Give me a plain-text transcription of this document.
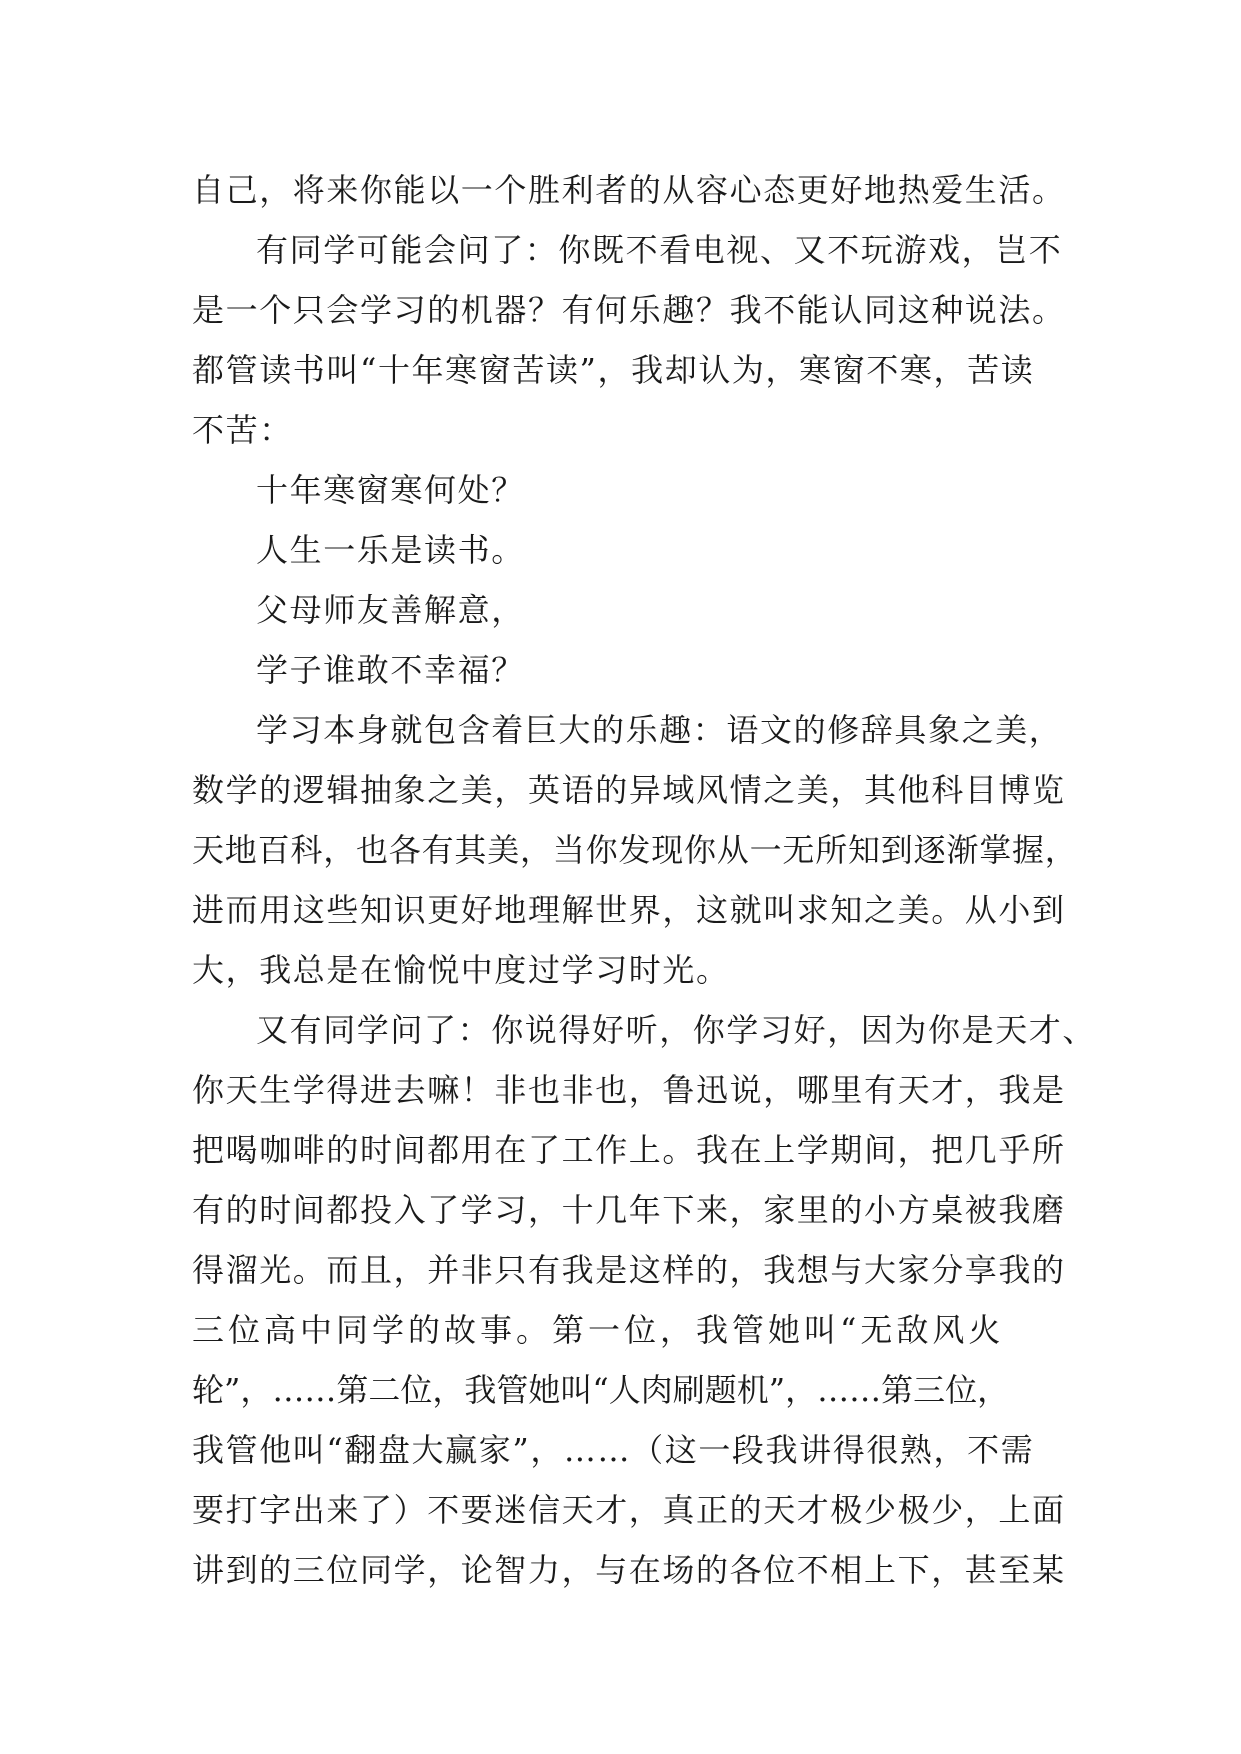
自己，将来你能以一个胜利者的从容心态更好地热爱生活。
有同学可能会问了：你既不看电视、又不玩游戏，岂不
是一个只会学习的机器？有何乐趣？我不能认同这种说法。
都管读书叫“十年寒窗苦读”，我却认为，寒窗不寒，苦读
不苦：
十年寒窗寒何处？
人生一乐是读书。
父母师友善解意，
学子谁敢不幸福？
学习本身就包含着巨大的乐趣：语文的修辞具象之美，
数学的逻辑抽象之美，英语的异域风情之美，其他科目博览
天地百科，也各有其美，当你发现你从一无所知到逐渐掌握，
进而用这些知识更好地理解世界，这就叫求知之美。从小到
大，我总是在愉悦中度过学习时光。
又有同学问了：你说得好听，你学习好，因为你是天才、
你天生学得进去嘛！非也非也，鲁迅说，哪里有天才，我是
把喝咖啡的时间都用在了工作上。我在上学期间，把几乎所
有的时间都投入了学习，十几年下来，家里的小方桌被我磨
得溜光。而且，并非只有我是这样的，我想与大家分享我的
三位高中同学的故事。第一位，我管她叫“无敌风火
轮”，……第二位，我管她叫“人肉刷题机”，……第三位，
我管他叫“翻盘大赢家”，……（这一段我讲得很熟，不需
要打字出来了）不要迷信天才，真正的天才极少极少，上面
讲到的三位同学，论智力，与在场的各位不相上下，甚至某
